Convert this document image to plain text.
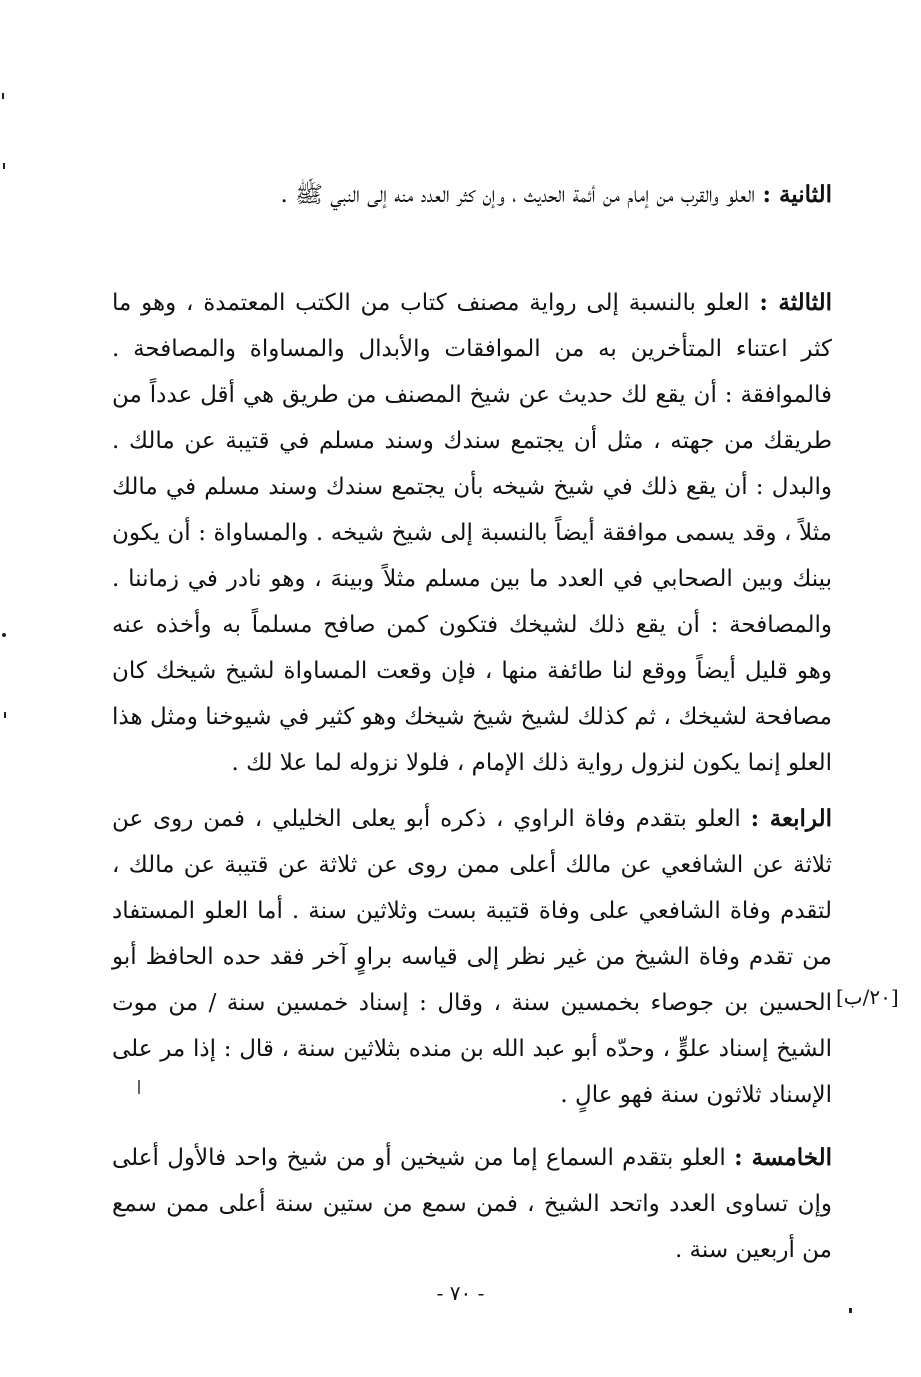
الثانية : العلو والقرب من إمام من أئمة الحديث ، وإن كثر العدد منه إلى النبي ﷺ .

الثالثة : العلو بالنسبة إلى رواية مصنف كتاب من الكتب المعتمدة ، وهو ما كثر اعتناء المتأخرين به من الموافقات والأبدال والمساواة والمصافحة . فالموافقة : أن يقع لك حديث عن شيخ المصنف من طريق هي أقل عدداً من طريقك من جهته ، مثل أن يجتمع سندك وسند مسلم في قتيبة عن مالك . والبدل : أن يقع ذلك في شيخ شيخه بأن يجتمع سندك وسند مسلم في مالك مثلاً ، وقد يسمى موافقة أيضاً بالنسبة إلى شيخ شيخه . والمساواة : أن يكون بينك وبين الصحابي في العدد ما بين مسلم مثلاً وبينهَ ، وهو نادر في زماننا . والمصافحة : أن يقع ذلك لشيخك فتكون كمن صافح مسلماً به وأخذه عنه وهو قليل أيضاً ووقع لنا طائفة منها ، فإن وقعت المساواة لشيخ شيخك كان مصافحة لشيخك ، ثم كذلك لشيخ شيخ شيخك وهو كثير في شيوخنا ومثل هذا العلو إنما يكون لنزول رواية ذلك الإمام ، فلولا نزوله لما علا لك .

الرابعة : العلو بتقدم وفاة الراوي ، ذكره أبو يعلى الخليلي ، فمن روى عن ثلاثة عن الشافعي عن مالك أعلى ممن روى عن ثلاثة عن قتيبة عن مالك ، لتقدم وفاة الشافعي على وفاة قتيبة بست وثلاثين سنة . أما العلو المستفاد من تقدم وفاة الشيخ من غير نظر إلى قياسه براوٍ آخر فقد حده الحافظ أبو الحسين بن جوصاء بخمسين سنة ، وقال : إسناد خمسين سنة / من موت الشيخ إسناد علوٍّ ، وحدّه أبو عبد الله بن منده بثلاثين سنة ، قال : إذا مر على الإسناد ثلاثون سنة فهو عالٍ .

الخامسة : العلو بتقدم السماع إما من شيخين أو من شيخ واحد فالأول أعلى وإن تساوى العدد واتحد الشيخ ، فمن سمع من ستين سنة أعلى ممن سمع من أربعين سنة .

[٢٠/ب]
- ٧٠ -
